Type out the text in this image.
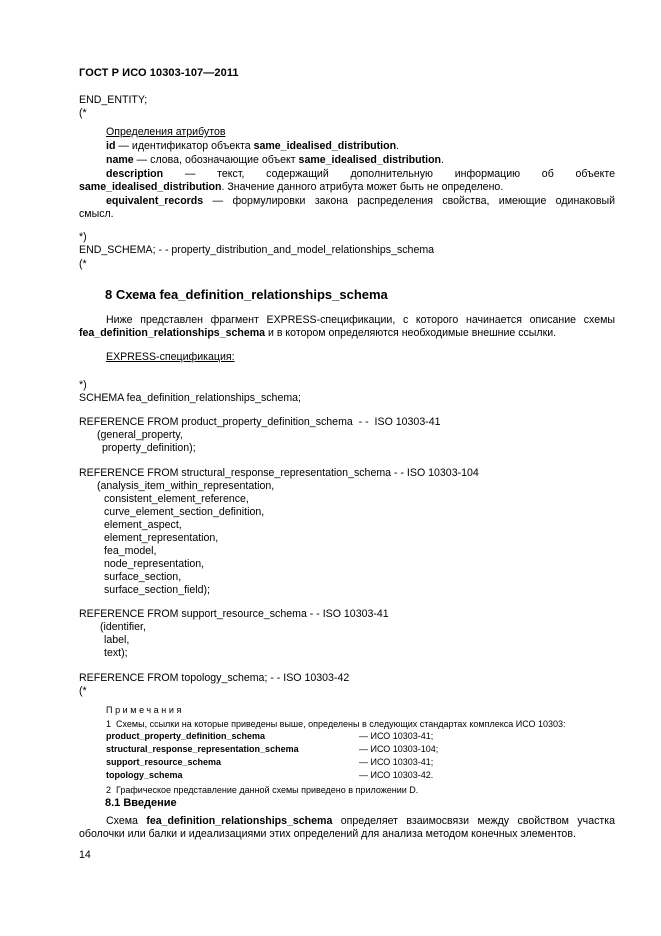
ГОСТ Р ИСО 10303-107—2011
END_ENTITY;
(*
Определения атрибутов
id — идентификатор объекта same_idealised_distribution.
name — слова, обозначающие объект same_idealised_distribution.
description — текст, содержащий дополнительную информацию об объекте
same_idealised_distribution. Значение данного атрибута может быть не определено.
equivalent_records — формулировки закона распределения свойства, имеющие одинаковый
смысл.
*)
END_SCHEMA; - - property_distribution_and_model_relationships_schema
(*
8 Схема fea_definition_relationships_schema
Ниже представлен фрагмент EXPRESS-спецификации, с которого начинается описание схемы
fea_definition_relationships_schema и в котором определяются необходимые внешние ссылки.
EXPRESS-спецификация:
*)
SCHEMA fea_definition_relationships_schema;
REFERENCE FROM product_property_definition_schema  - -  ISO 10303-41
(general_property,
property_definition);
REFERENCE FROM structural_response_representation_schema - - ISO 10303-104
(analysis_item_within_representation,
consistent_element_reference,
curve_element_section_definition,
element_aspect,
element_representation,
fea_model,
node_representation,
surface_section,
surface_section_field);
REFERENCE FROM support_resource_schema - - ISO 10303-41
(identifier,
label,
text);
REFERENCE FROM topology_schema; - - ISO 10303-42
(*
Примечания
1  Схемы, ссылки на которые приведены выше, определены в следующих стандартах комплекса ИСО 10303:
product_property_definition_schema	— ИСО 10303-41;
structural_response_representation_schema	— ИСО 10303-104;
support_resource_schema	— ИСО 10303-41;
topology_schema	— ИСО 10303-42.
2  Графическое представление данной схемы приведено в приложении D.
8.1 Введение
Схема fea_definition_relationships_schema определяет взаимосвязи между свойством участка
оболочки или балки и идеализациями этих определений для анализа методом конечных элементов.
14
